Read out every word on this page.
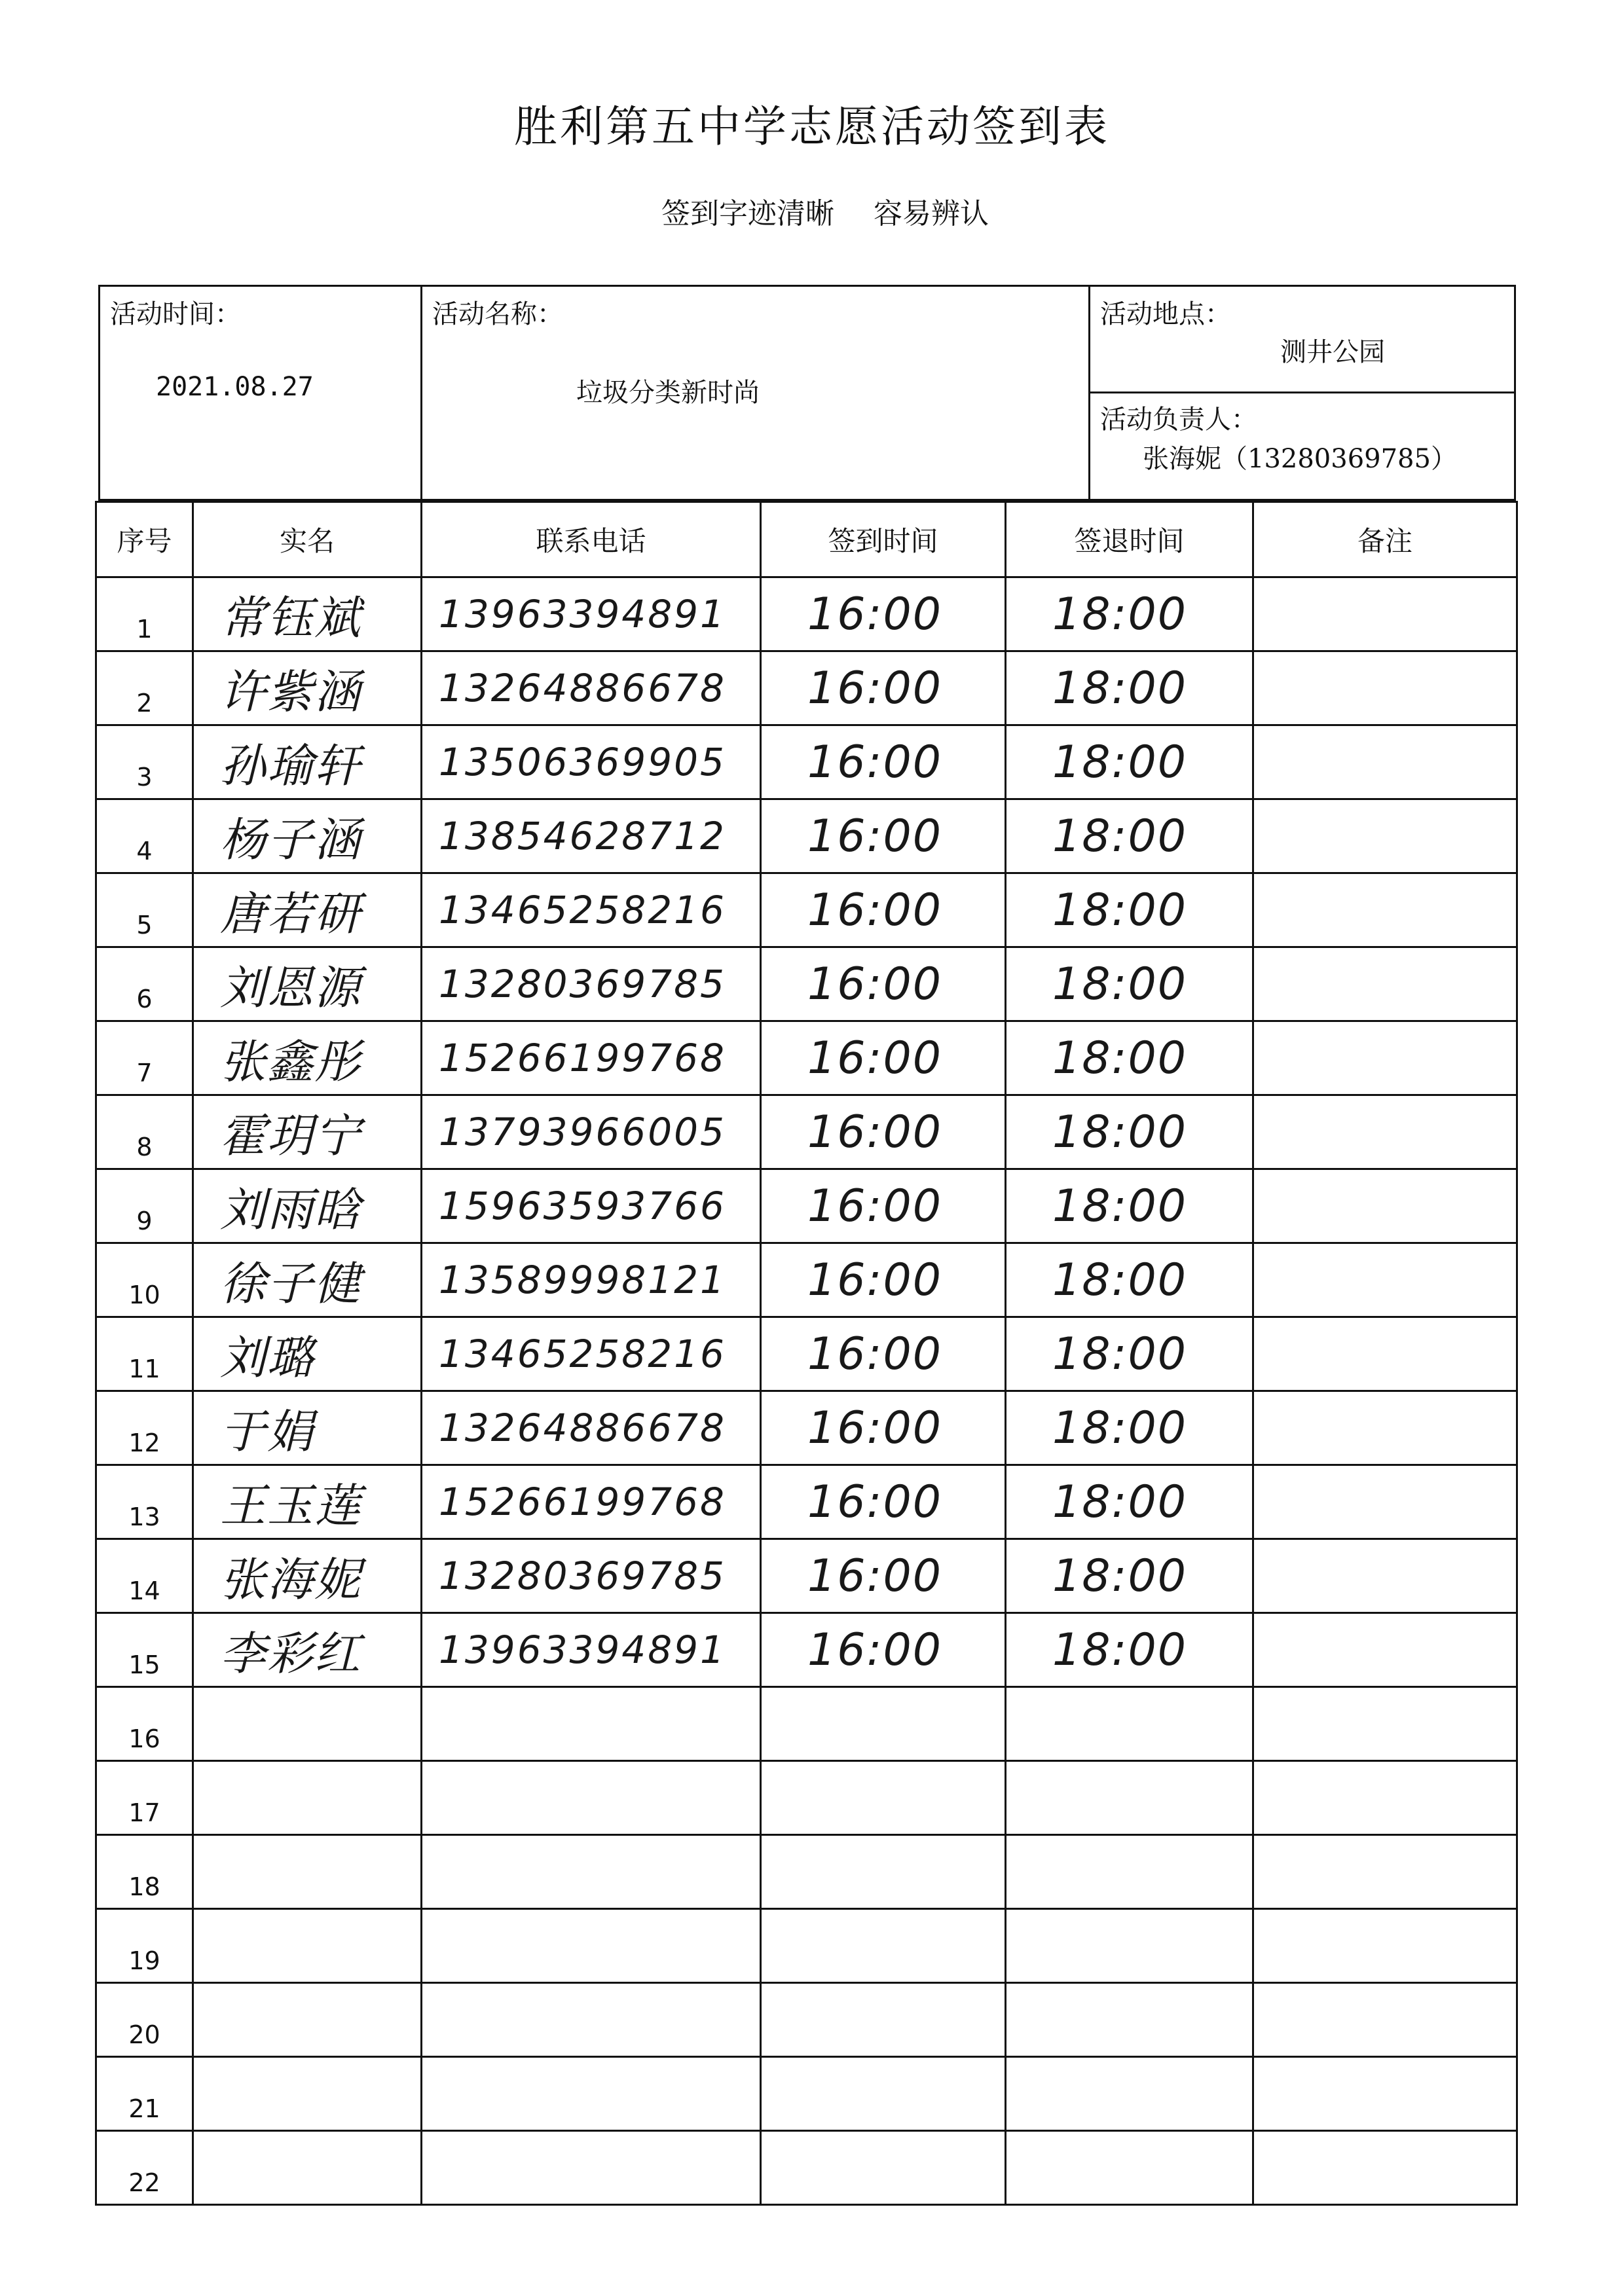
胜利第五中学志愿活动签到表
签到字迹清晰 容易辨认
活动时间：
2021.08.27
活动名称：
垃圾分类新时尚
活动地点：
测井公园
活动负责人：
张海妮（13280369785）
序号	实名	联系电话	签到时间	签退时间	备注
1	常钰斌	13963394891	16:00	18:00	
2	许紫涵	13264886678	16:00	18:00	
3	孙瑜轩	13506369905	16:00	18:00	
4	杨子涵	13854628712	16:00	18:00	
5	唐若研	13465258216	16:00	18:00	
6	刘恩源	13280369785	16:00	18:00	
7	张鑫彤	15266199768	16:00	18:00	
8	霍玥宁	13793966005	16:00	18:00	
9	刘雨晗	15963593766	16:00	18:00	
10	徐子健	13589998121	16:00	18:00	
11	刘璐	13465258216	16:00	18:00	
12	于娟	13264886678	16:00	18:00	
13	王玉莲	15266199768	16:00	18:00	
14	张海妮	13280369785	16:00	18:00	
15	李彩红	13963394891	16:00	18:00	
16					
17					
18					
19					
20					
21					
22					
